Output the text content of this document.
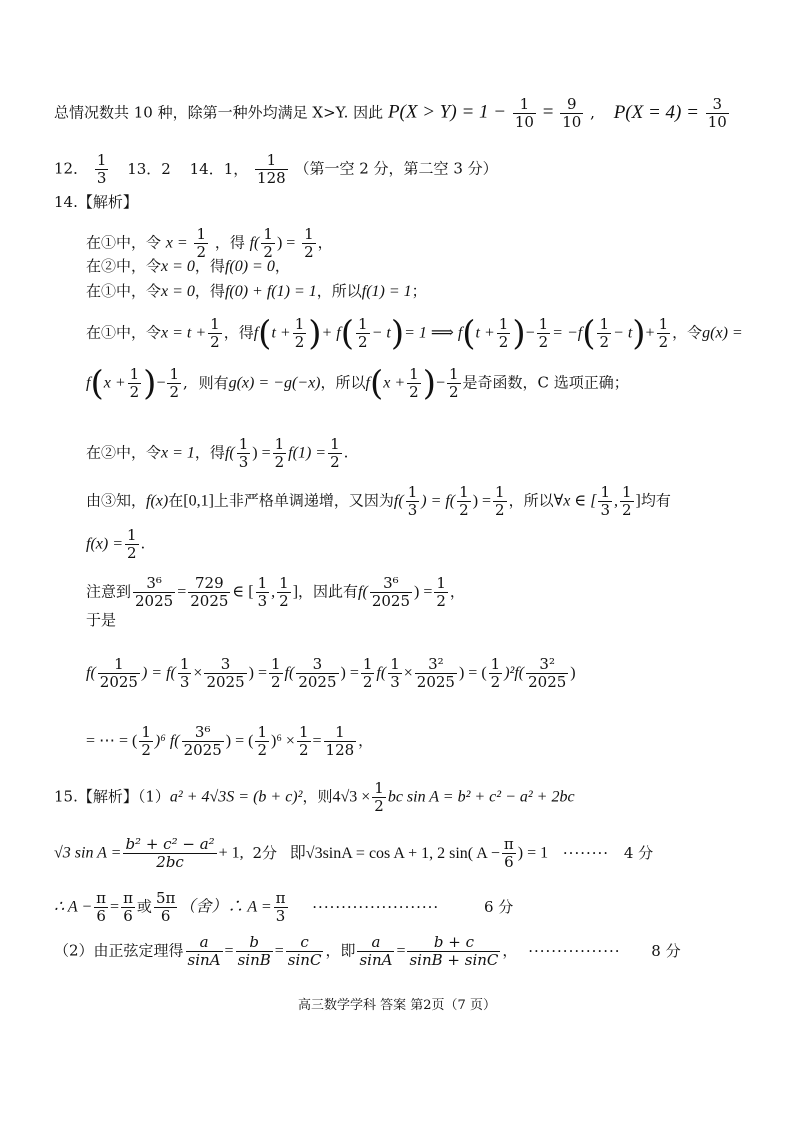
总情况数共 10 种，除第一种外均满足 X>Y. 因此 $P(X > Y) = 1 - \frac{1}{10} = \frac{9}{10}$ , $P(X = 4) = \frac{3}{10}$
12． $\frac{1}{3} 13$．2 14．1， $\frac{1}{128}$ （第一空 2 分，第二空 3 分）
14.【解析】
在①中，令 $x = \frac{1}{2}$ ，得 $f( \frac{1}{2}$ ) = $\frac{1}{2}$ ，
在②中，令x = 0，得f(0) = 0，
在①中，令x = 0，得f(0) + f(1) = 1，所以f(1) = 1；
在①中，令$x = t + \frac{1}{2}$ ，得$f(t + \frac{1}{2}$ )+ $f( \frac{1}{2} - t)= 1$ ⟹ $f(t + \frac{1}{2}$ )− $\frac{1}{2} = -f( \frac{1}{2} - t)+ \frac{1}{2}$ ，令g(x) =
$f(x + \frac{1}{2}$ )− $\frac{1}{2}$ , 则有g(x) = −g(−x)，所以$f(x + \frac{1}{2}$ )− $\frac{1}{2}$ 是奇函数，C 选项正确；
在②中，令x = 1，得$f( \frac{1}{3}$ ) = $\frac{1}{2} f(1) = \frac{1}{2}$ .
由③知，f(x)在[0,1]上非严格单调递增，又因为$f( \frac{1}{3}$ ) = $f( \frac{1}{2}$ ) = $\frac{1}{2}$ ，所以∀x ∈ [ $\frac{1}{3}$ , $\frac{1}{2}$ ]均有
$f(x) = \frac{1}{2}$ .
注意到 $\frac{\text{3⁶}}{2025} = \frac{729}{2025}$ ∈ [ $\frac{1}{3}$ , $\frac{1}{2}$ ]，因此有$f( \frac{\text{3⁶}}{2025}$ ) = $\frac{1}{2}$ ，
于是
$f( \frac{1}{2025}$ ) = $f( \frac{1}{3} \times \frac{3}{2025}$ ) = $\frac{1}{2} f( \frac{3}{2025}$ ) = $\frac{1}{2} f( \frac{1}{3} \times \frac{\text{3²}}{2025}$ ) = ( $\frac{1}{2} )^2f( \frac{\text{3²}}{2025}$ )
= ⋯ = ( $\frac{1}{2} )^6$ $f( \frac{\text{3⁶}}{2025}$ ) = ( $\frac{1}{2} )^6 \times \frac{1}{2} = \frac{1}{128}$ ，
15.【解析】（1）a² + 4√3S = (b + c)²，则$4√3 \times \frac{1}{2}$ bc sin A = b² + c² − a² + 2bc
√3 $\sin A = \frac{\text{b² + c² − a²}}{2bc} + 1$, 2分 即√3sinA = cos A + 1, 2 sin( $A - \frac{\pi}{6}$ ) = 1 ········ 4 分
∴ $A - \frac{\pi}{6} = \frac{\pi}{6}$ 或 $\frac{5\pi}{6}$ （舍）∴ $A = \frac{\pi}{3}$ ······················	6 分
（2）由正弦定理得 $\frac{a}{\sin A} = \frac{b}{\sin B} = \frac{c}{\sin C}$ ，即 $\frac{a}{\sin A} = \frac{b + c}{\sin B + \sin C}$ ， ················ 8 分
高三数学学科 答案 第2页（7 页）
